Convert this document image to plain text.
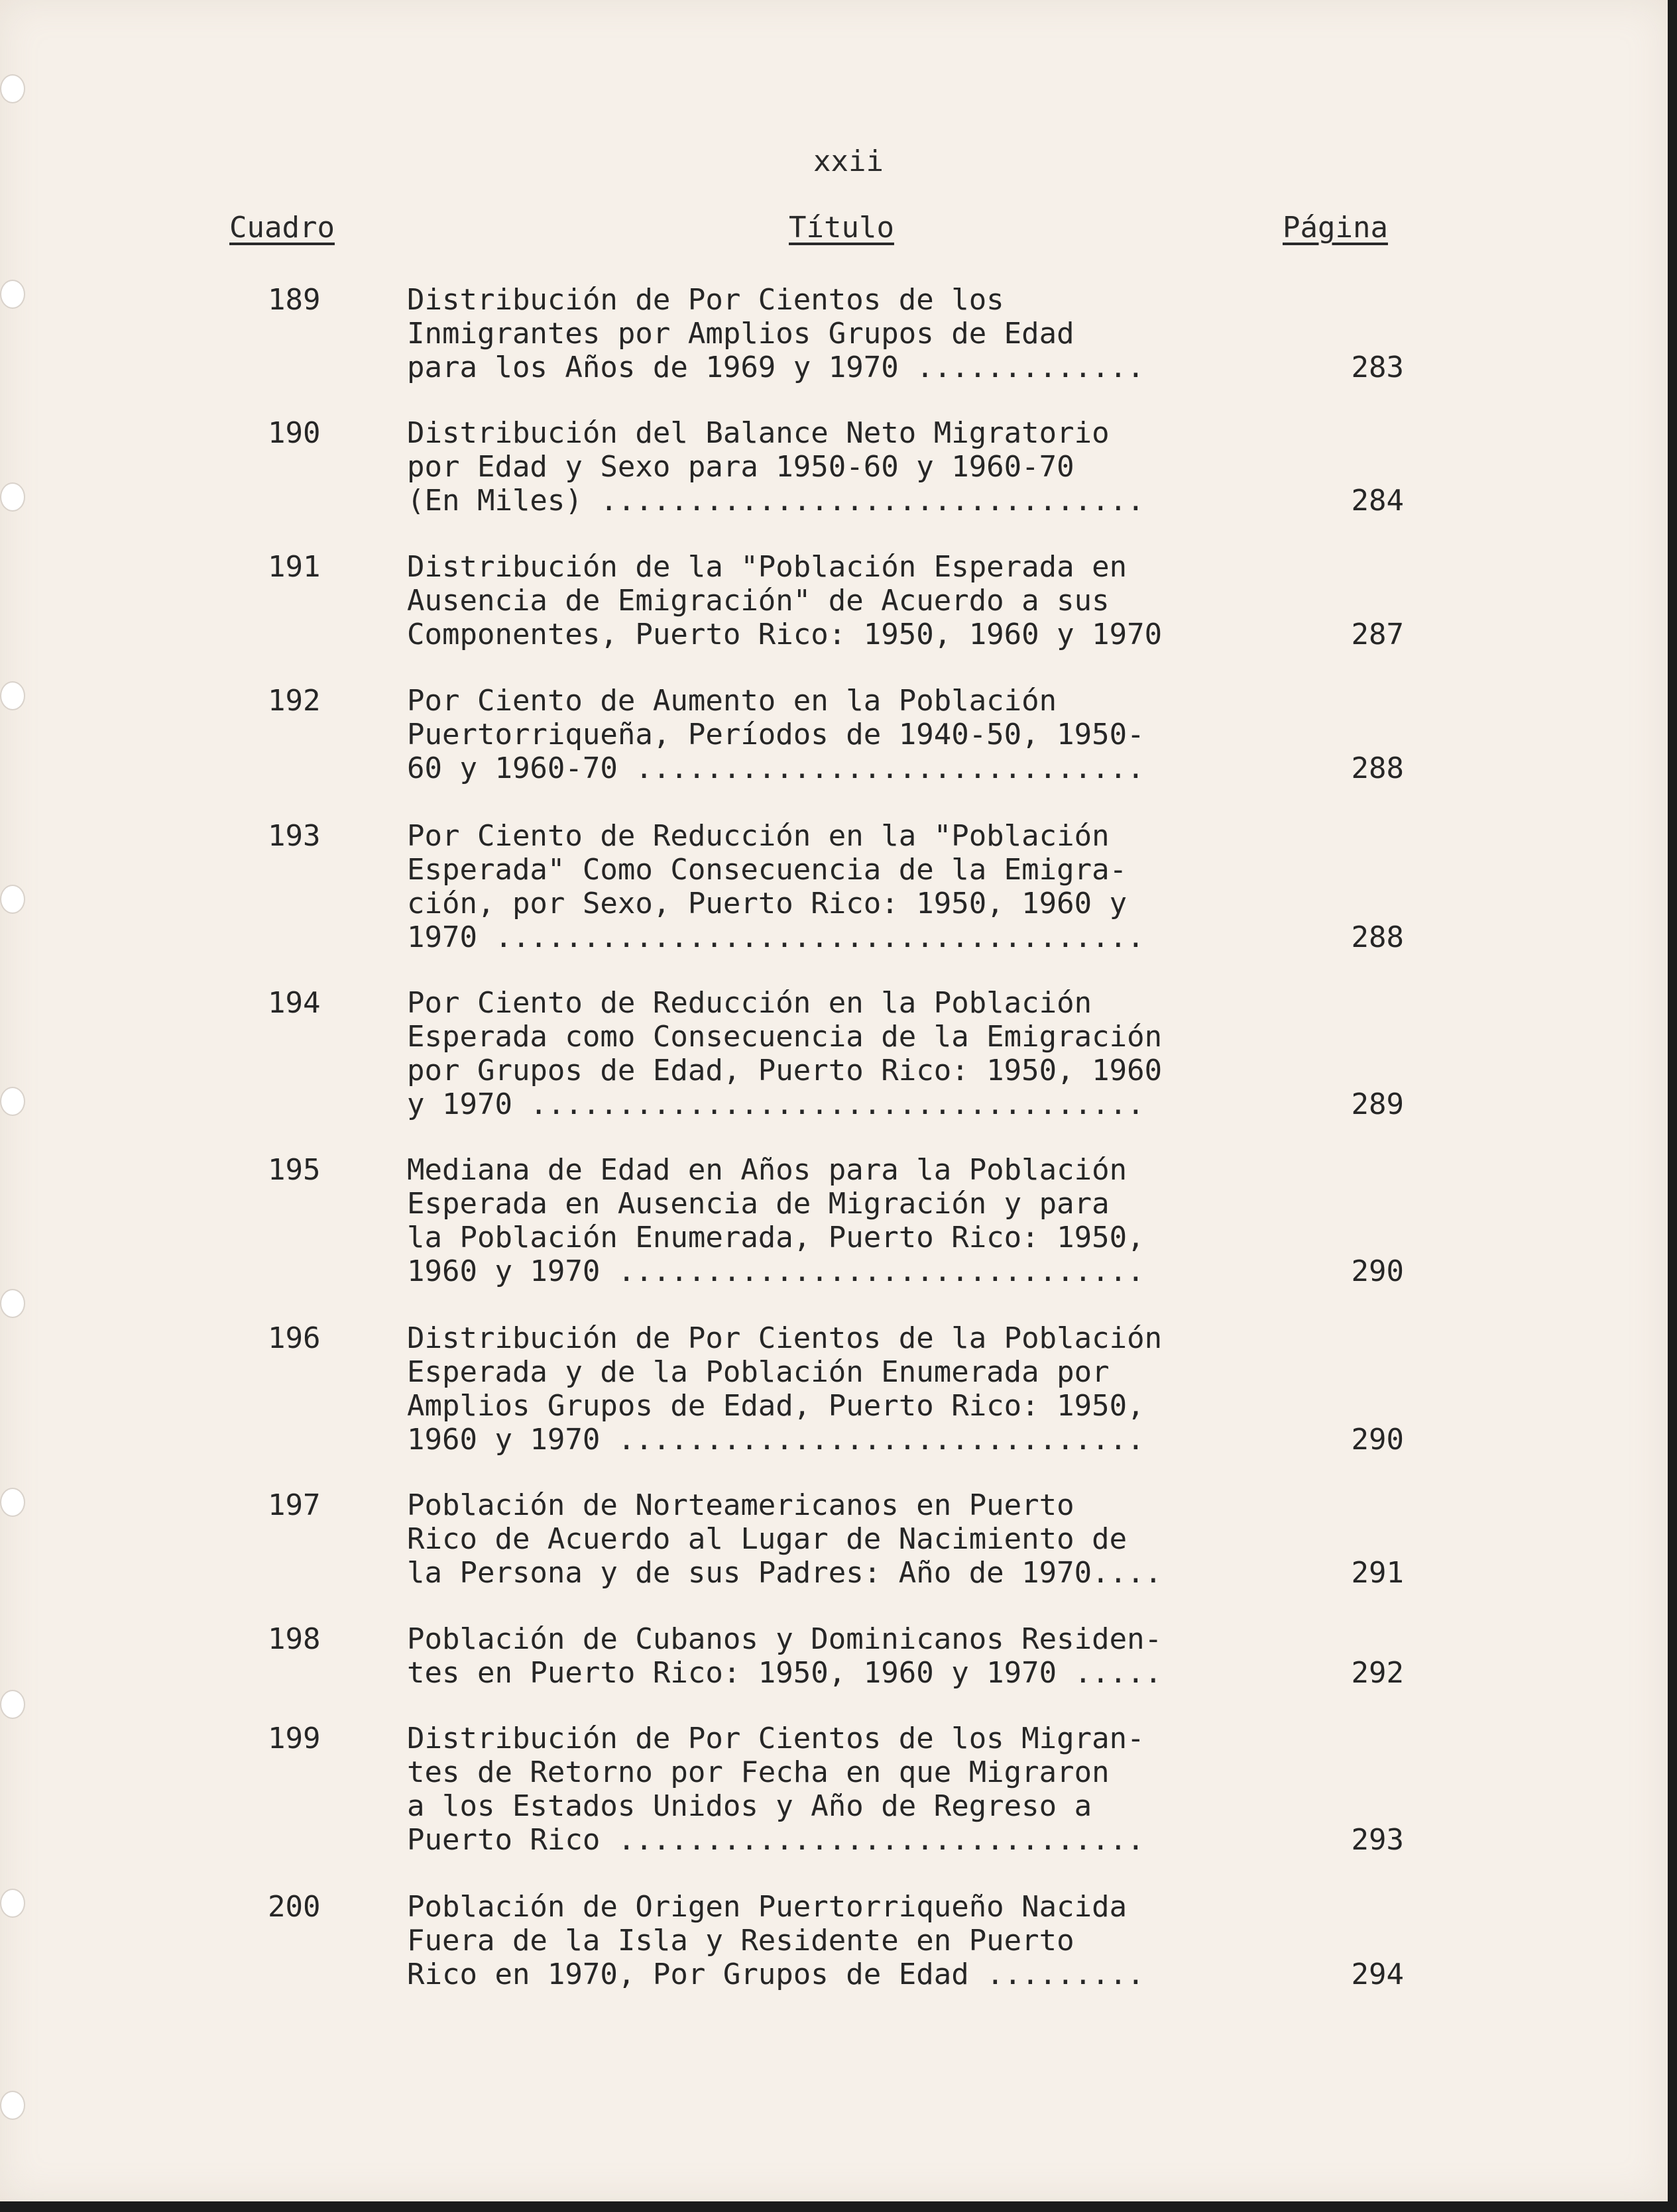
xxii
Cuadro	Título	Página
189	Distribución de Por Cientos de los
Inmigrantes por Amplios Grupos de Edad
para los Años de 1969 y 1970 .............	283
190	Distribución del Balance Neto Migratorio
por Edad y Sexo para 1950-60 y 1960-70
(En Miles) ...............................	284
191	Distribución de la "Población Esperada en
Ausencia de Emigración" de Acuerdo a sus
Componentes, Puerto Rico: 1950, 1960 y 1970	287
192	Por Ciento de Aumento en la Población
Puertorriqueña, Períodos de 1940-50, 1950-
60 y 1960-70 .............................	288
193	Por Ciento de Reducción en la "Población
Esperada" Como Consecuencia de la Emigra-
ción, por Sexo, Puerto Rico: 1950, 1960 y
1970 .....................................	288
194	Por Ciento de Reducción en la Población
Esperada como Consecuencia de la Emigración
por Grupos de Edad, Puerto Rico: 1950, 1960
y 1970 ...................................	289
195	Mediana de Edad en Años para la Población
Esperada en Ausencia de Migración y para
la Población Enumerada, Puerto Rico: 1950,
1960 y 1970 ..............................	290
196	Distribución de Por Cientos de la Población
Esperada y de la Población Enumerada por
Amplios Grupos de Edad, Puerto Rico: 1950,
1960 y 1970 ..............................	290
197	Población de Norteamericanos en Puerto
Rico de Acuerdo al Lugar de Nacimiento de
la Persona y de sus Padres: Año de 1970....	291
198	Población de Cubanos y Dominicanos Residen-
tes en Puerto Rico: 1950, 1960 y 1970 .....	292
199	Distribución de Por Cientos de los Migran-
tes de Retorno por Fecha en que Migraron
a los Estados Unidos y Año de Regreso a
Puerto Rico ..............................	293
200	Población de Origen Puertorriqueño Nacida
Fuera de la Isla y Residente en Puerto
Rico en 1970, Por Grupos de Edad .........	294
